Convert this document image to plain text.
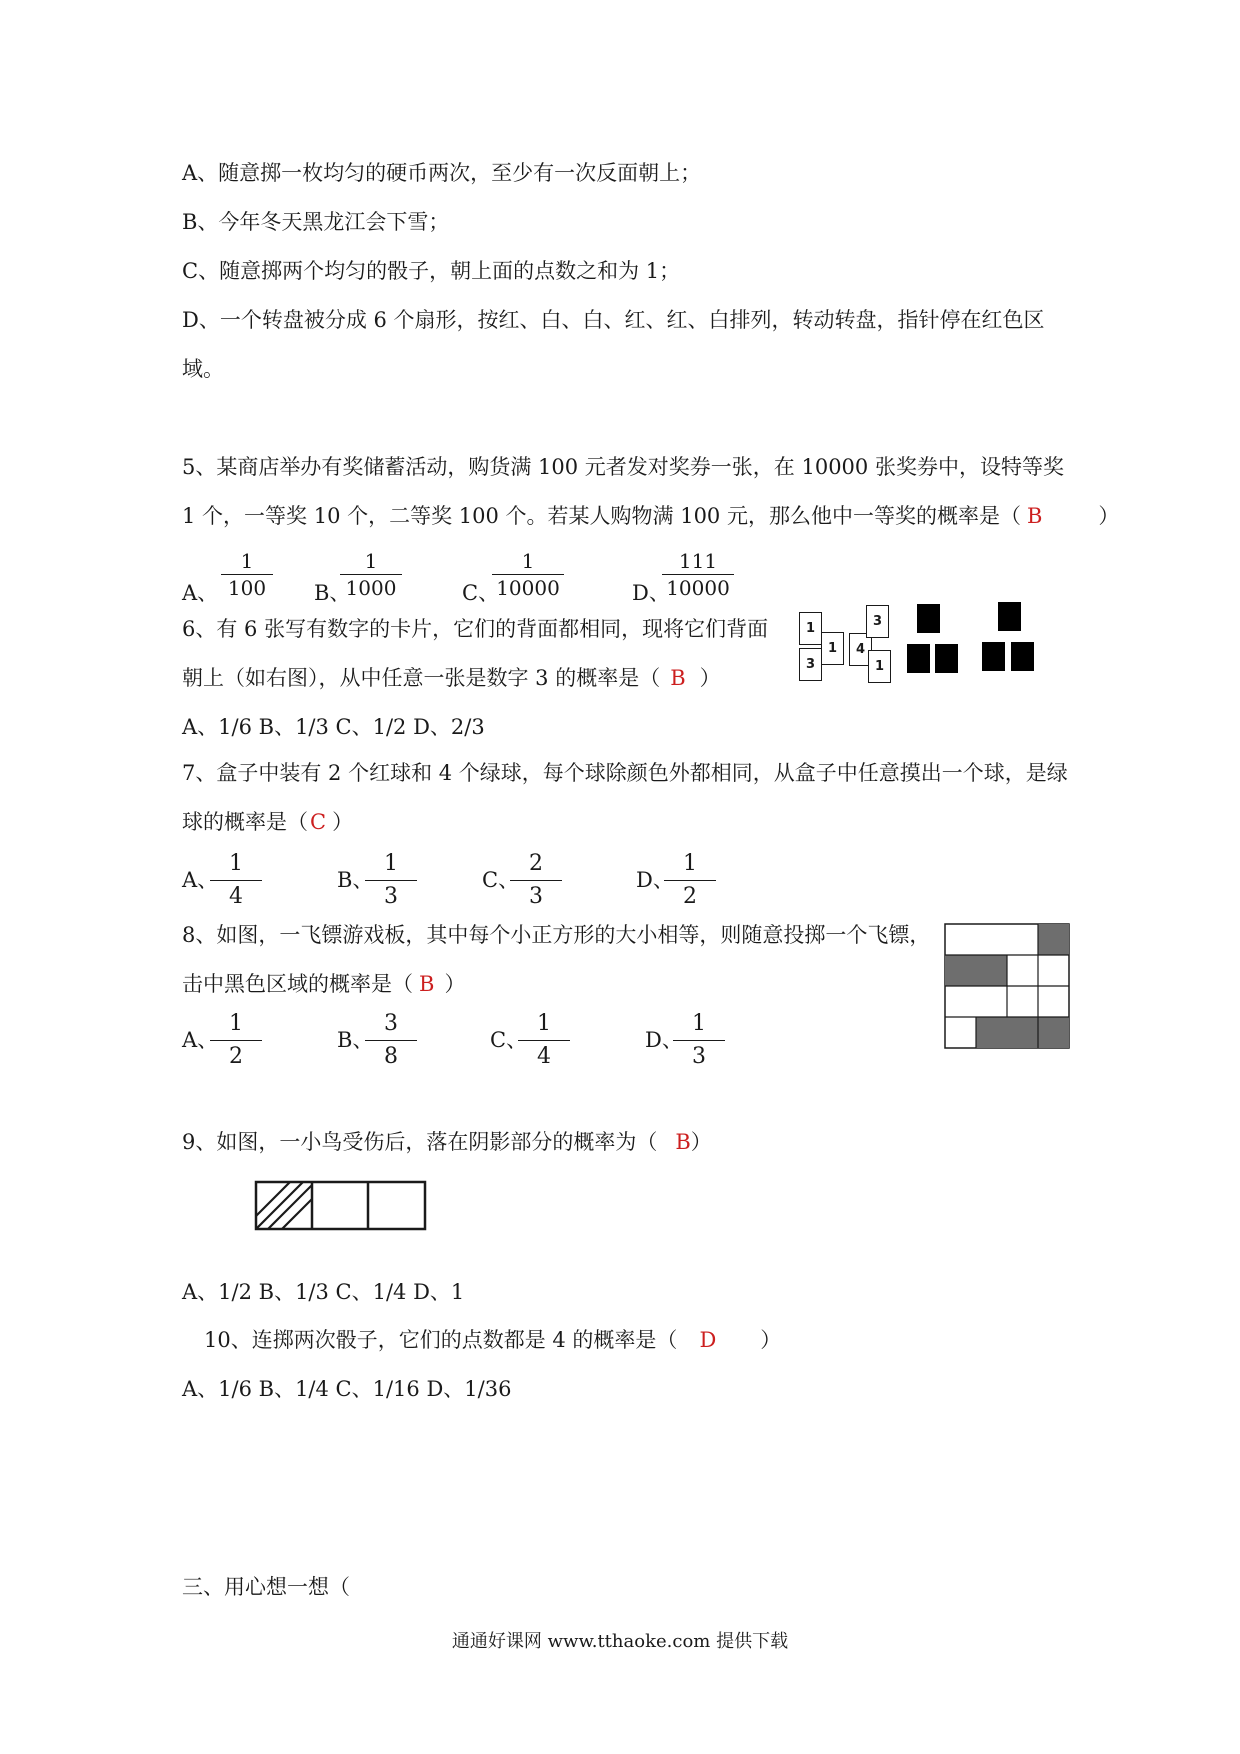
A、随意掷一枚均匀的硬币两次，至少有一次反面朝上；
B、今年冬天黑龙江会下雪；
C、随意掷两个均匀的骰子，朝上面的点数之和为 1；
D、一个转盘被分成 6 个扇形，按红、白、白、红、红、白排列，转动转盘，指针停在红色区
域。
5、某商店举办有奖储蓄活动，购货满 100 元者发对奖券一张，在 10000 张奖券中，设特等奖
1 个，一等奖 10 个，二等奖 100 个。若某人购物满 100 元，那么他中一等奖的概率是（ B	）
A、 $\frac{1}{100}$ B、
$\frac{1}{1000}$	C、
$\frac{1}{10000}$	D、
$\frac{111}{10000}$
6、有 6 张写有数字的卡片，它们的背面都相同，现将它们背面
朝上（如右图），从中任意一张是数字 3 的概率是（ B ）
A、1/6 B、1/3 C、1/2 D、2/3
1
1
3
4
3
1
7、盒子中装有 2 个红球和 4 个绿球，每个球除颜色外都相同，从盒子中任意摸出一个球，是绿
球的概率是（C ）
A、
$\frac{1}{4}$	B、
$\frac{1}{3}$	C、
$\frac{2}{3}$	D、
$\frac{1}{2}$
8、如图，一飞镖游戏板，其中每个小正方形的大小相等，则随意投掷一个飞镖，
击中黑色区域的概率是（ B ）
A、
$\frac{1}{2}$	B、
$\frac{3}{8}$	C、
$\frac{1}{4}$	D、
$\frac{1}{3}$
9、如图，一小鸟受伤后，落在阴影部分的概率为（ B）
A、1/2 B、1/3 C、1/4 D、1
10、连掷两次骰子，它们的点数都是 4 的概率是（ D ）
A、1/6 B、1/4 C、1/16 D、1/36
三、用心想一想（
通通好课网 www.tthaoke.com 提供下载
